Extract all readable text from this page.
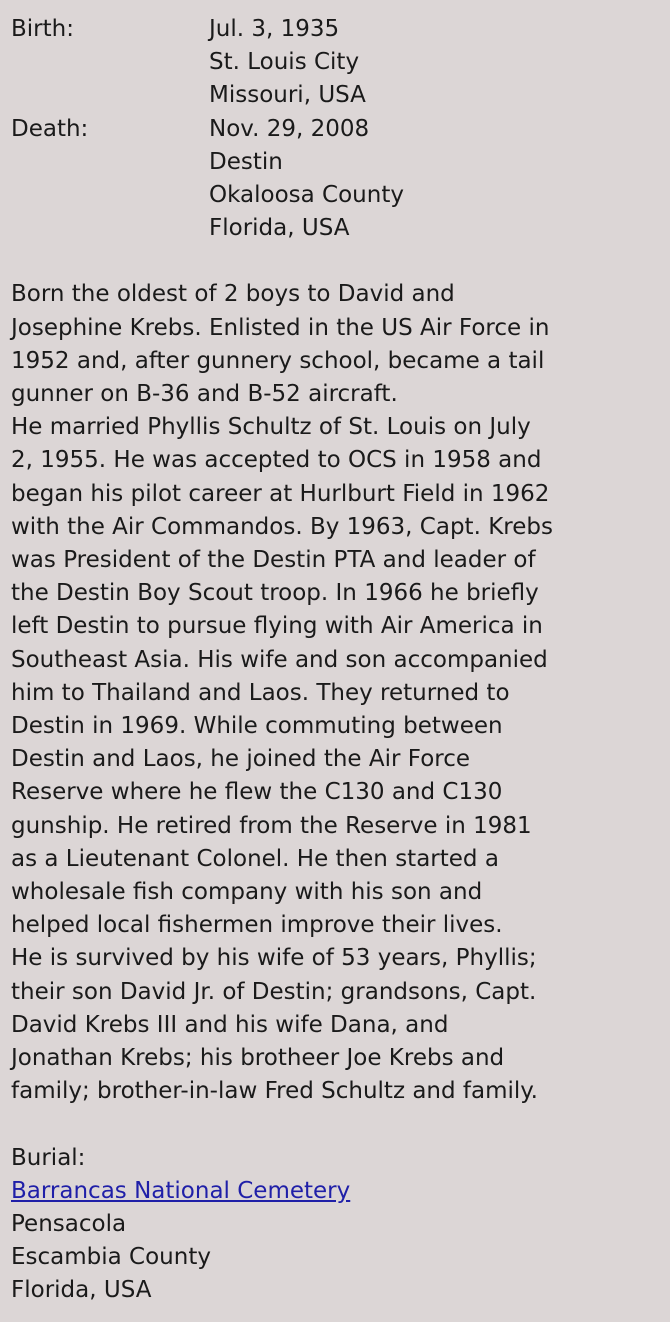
Birth:	Jul. 3, 1935
St. Louis City
Missouri, USA
Death:	Nov. 29, 2008
Destin
Okaloosa County
Florida, USA
Born the oldest of 2 boys to David and
Josephine Krebs. Enlisted in the US Air Force in
1952 and, after gunnery school, became a tail
gunner on B-36 and B-52 aircraft.
He married Phyllis Schultz of St. Louis on July
2, 1955. He was accepted to OCS in 1958 and
began his pilot career at Hurlburt Field in 1962
with the Air Commandos. By 1963, Capt. Krebs
was President of the Destin PTA and leader of
the Destin Boy Scout troop. In 1966 he briefly
left Destin to pursue flying with Air America in
Southeast Asia. His wife and son accompanied
him to Thailand and Laos. They returned to
Destin in 1969. While commuting between
Destin and Laos, he joined the Air Force
Reserve where he flew the C130 and C130
gunship. He retired from the Reserve in 1981
as a Lieutenant Colonel. He then started a
wholesale fish company with his son and
helped local fishermen improve their lives.
He is survived by his wife of 53 years, Phyllis;
their son David Jr. of Destin; grandsons, Capt.
David Krebs III and his wife Dana, and
Jonathan Krebs; his brotheer Joe Krebs and
family; brother-in-law Fred Schultz and family.
Burial:
Barrancas National Cemetery
Pensacola
Escambia County
Florida, USA
